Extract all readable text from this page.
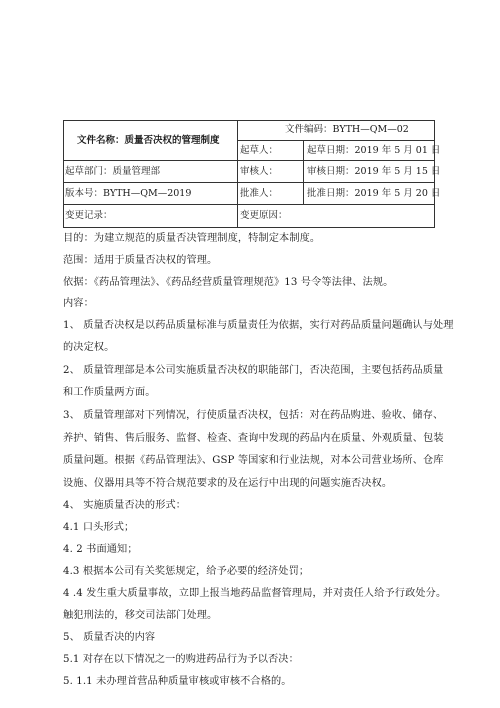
文件名称：质量否决权的管理制度
文件编码：BYTH—QM—02
起草人：	起草日期：2019 年 5 月 01 日
起草部门：质量管理部	审核人：	审核日期：2019 年 5 月 15 日
版本号：BYTH—QM—2019	批准人：	批准日期：2019 年 5 月 20 日
变更记录：	变更原因：
目的：为建立规范的质量否决管理制度，特制定本制度。
范围：适用于质量否决权的管理。
依据：《药品管理法》、《药品经营质量管理规范》13 号令等法律、法规。
内容：
1、 质量否决权是以药品质量标准与质量责任为依据，实行对药品质量问题确认与处理
的决定权。
2、 质量管理部是本公司实施质量否决权的职能部门，否决范围，主要包括药品质量
和工作质量两方面。
3、 质量管理部对下列情况，行使质量否决权，包括：对在药品购进、验收、储存、
养护、销售、售后服务、监督、检查、查询中发现的药品内在质量、外观质量、包装
质量问题。根据《药品管理法》、GSP 等国家和行业法规，对本公司营业场所、仓库
设施、仪器用具等不符合规范要求的及在运行中出现的问题实施否决权。
4、 实施质量否决的形式：
4.1 口头形式；
4. 2 书面通知；
4.3 根据本公司有关奖惩规定，给予必要的经济处罚；
4 .4 发生重大质量事故，立即上报当地药品监督管理局，并对责任人给予行政处分。
触犯刑法的，移交司法部门处理。
5、 质量否决的内容
5.1 对存在以下情况之一的购进药品行为予以否决：
5. 1.1 未办理首营品种质量审核或审核不合格的。
